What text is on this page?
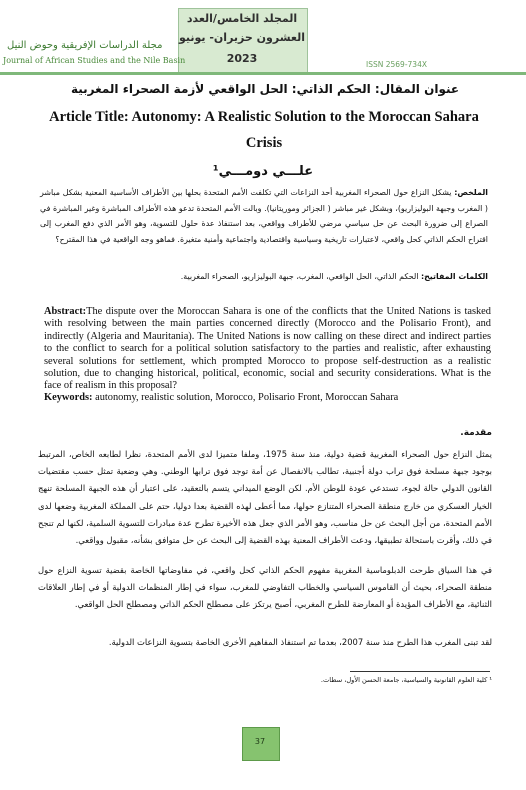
المجلد الخامس/العدد
العشرون حزيران- يونيو
2023
مجلة الدراسات الإفريقية وحوض النيل
Journal of African Studies and the Nile Basin	ISSN 2569-734X
عنوان المقال: الحكم الذاتي: الحل الواقعي لأزمة الصحراء المغربية
Article Title: Autonomy: A Realistic Solution to the Moroccan Sahara Crisis
علـــي دومـــي¹
الملخص: يشكل النزاع حول الصحراء المغربية أحد النزاعات التي تكلفت الأمم المتحدة بحلها بين الأطراف الأساسية المعنية بشكل مباشر ( المغرب وجبهة البوليزاريو)، وبشكل غير مباشر ( الجزائر وموريتانيا). وبالت الأمم المتحدة تدعو هذه الأطراف المباشرة وغير المباشرة في الصراع إلى ضرورة البحث عن حل سياسي مرضي للأطراف وواقعي، بعد استنفاذ عدة حلول للتسوية، وهو الأمر الذي دفع المغرب إلى اقتراح الحكم الذاتي كحل واقعي، لاعتبارات تاريخية وسياسية واقتصادية واجتماعية وأمنية متغيرة. فماهو وجه الواقعية في هذا المقترح؟
الكلمات المفاتيح: الحكم الذاتي، الحل الواقعي، المغرب، جبهة البوليزاريو، الصحراء المغربية.
Abstract:The dispute over the Moroccan Sahara is one of the conflicts that the United Nations is tasked with resolving between the main parties concerned directly (Morocco and the Polisario Front), and indirectly (Algeria and Mauritania). The United Nations is now calling on these direct and indirect parties to the conflict to search for a political solution satisfactory to the parties and realistic, after exhausting several solutions for settlement, which prompted Morocco to propose self-destruction as a realistic solution, due to changing historical, political, economic, social and security considerations. What is the face of realism in this proposal?
Keywords: autonomy, realistic solution, Morocco, Polisario Front, Moroccan Sahara
مقدمة.
يمثل النزاع حول الصحراء المغربية قضية دولية، منذ سنة 1975، وملفا متميزا لدى الأمم المتحدة، نظرا لطابعه الخاص، المرتبط بوجود جبهة مسلحة فوق تراب دولة أجنبية، تطالب بالانفصال عن أمة توجد فوق ترابها الوطني. وهي وضعية تمثل حسب مقتضيات القانون الدولي حالة لجوء، تستدعي عودة للوطن الأم. لكن الوضع الميداني يتسم بالتعقيد، على اعتبار أن هذه الجبهة المسلحة تنهج الخيار العسكري من خارج منطقة الصحراء المتنازع حولها، مما أعطى لهذه القضية بعدا دوليا، حتم على المملكة المغربية وضعها لدى الأمم المتحدة، من أجل البحث عن حل مناسب، وهو الأمر الذي جعل هذه الأخيرة تطرح عدة مبادرات للتسوية السلمية، لكنها لم تنجح في ذلك، وأقرت باستحالة تطبيقها، ودعت الأطراف المعنية بهذه القضية إلى البحث عن حل متوافق بشأنه، مقبول وواقعي.
في هذا السياق طرحت الدبلوماسية المغربية مفهوم الحكم الذاتي كحل واقعي، في مفاوضاتها الخاصة بقضية تسوية النزاع حول منطقة الصحراء، بحيث أن القاموس السياسي والخطاب التفاوضي للمغرب، سواء في إطار المنظمات الدولية أو في إطار العلاقات الثنائية، مع الأطراف المؤيدة أو المعارضة للطرح المغربي، أصبح يرتكز على مصطلح الحكم الذاتي ومصطلح الحل الواقعي.
لقد تبنى المغرب هذا الطرح منذ سنة 2007، بعدما تم استنفاذ المفاهيم الأخرى الخاصة بتسوية النزاعات الدولية.
¹ كلية العلوم القانونية والسياسية، جامعة الحسن الأول، سطات.
37
